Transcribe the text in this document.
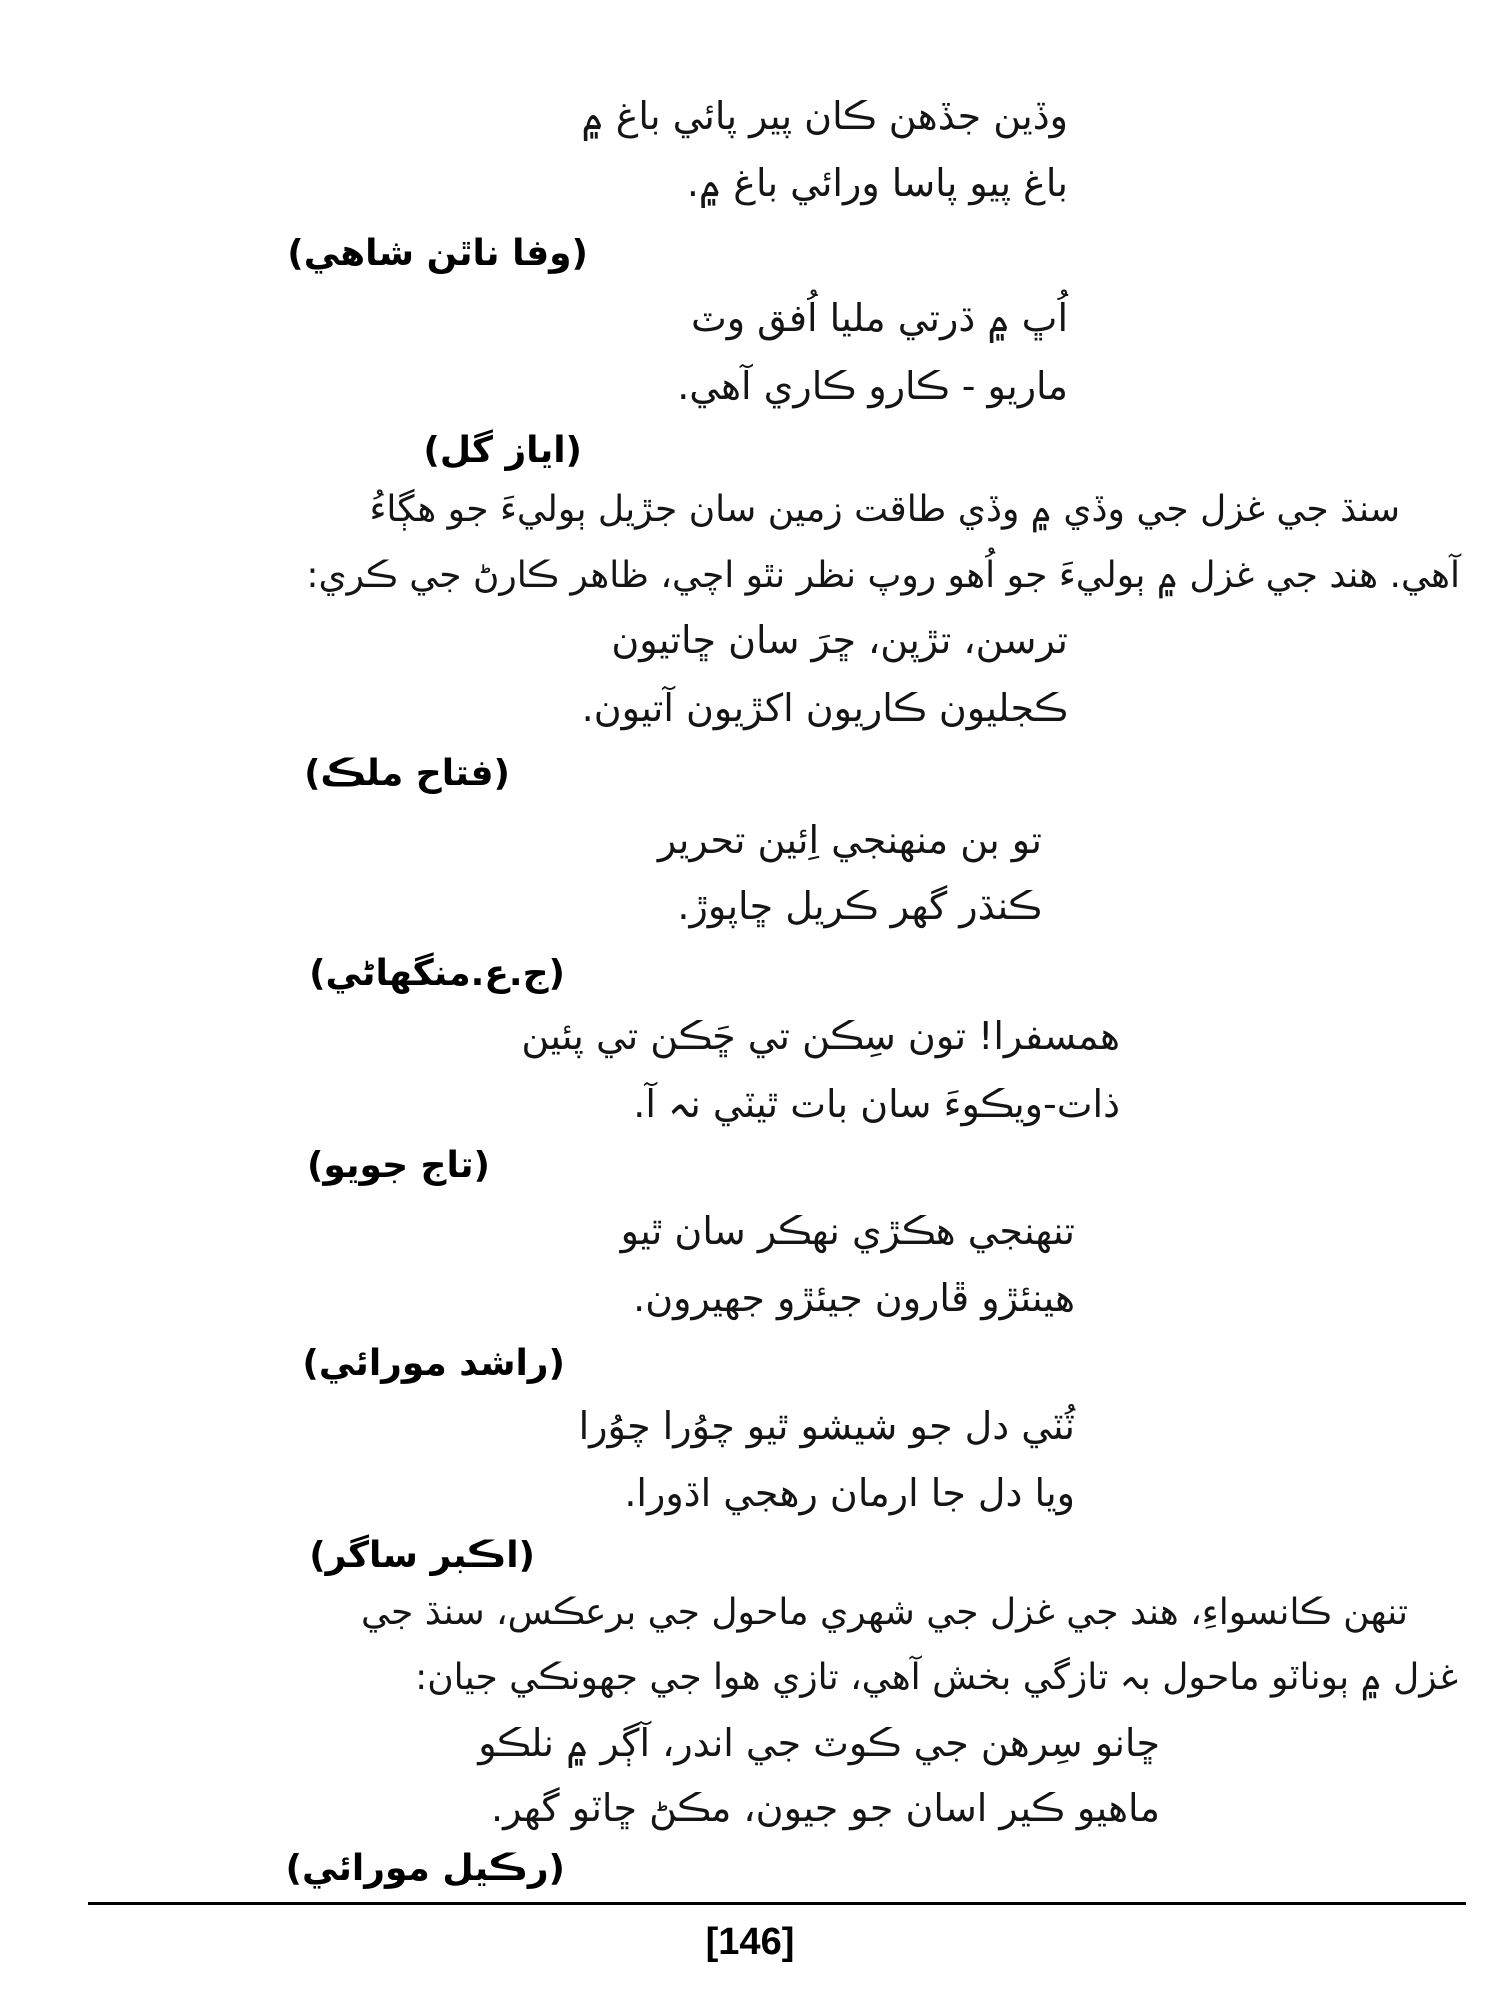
وڏين جڏهن ڪان پير پائي باغ ۾
باغ پيو پاسا ورائي باغ ۾.
(وفا ناٿن شاهي)
اُڀ ۾ ڌرتي مليا اُفق وٽ
ماريو - ڪارو ڪاري آهي.
(اياز گل)
سنڌ جي غزل جي وڏي ۾ وڏي طاقت زمين سان جڙيل ٻوليءَ جو هڳاءُ
آهي. هند جي غزل ۾ ٻوليءَ جو اُهو روپ نظر نٿو اچي، ظاهر ڪارڻ جي ڪري:
ترسن، تڙپن، ڇرَ سان ڇاتيون
ڪجليون ڪاريون اکڙيون آتيون.
(فتاح ملڪ)
تو بن منهنجي اِئين تحرير
ڪنڌر گهر ڪريل ڇاپوڙ.
(ج.ع.منگهاڻي)
همسفرا! تون سِڪن تي ڇَڪن تي پئين
ذات-ويڪوءَ سان بات ٿيٽي نہ آ.
(تاج جويو)
تنهنجي هڪڙي نهڪر سان ٿيو
هينئڙو ڦارون جيئڙو جهيرون.
(راشد مورائي)
ٽُٽي دل جو شيشو ٿيو چوُرا چوُرا
ويا دل جا ارمان رهجي اڌورا.
(اڪبر ساگر)
تنهن ڪانسواءِ، هند جي غزل جي شهري ماحول جي برعڪس، سنڌ جي
غزل ۾ ٻوناٽو ماحول بہ تازگي بخش آهي، تازي هوا جي جهونڪي جيان:
ڇانو سِرهن جي ڪوٽ جي اندر، آڳر ۾ نلڪو
ماهيو ڪير اسان جو جيون، مڪڻ ڇاٽو گهر.
(رڪيل مورائي)
[146]
